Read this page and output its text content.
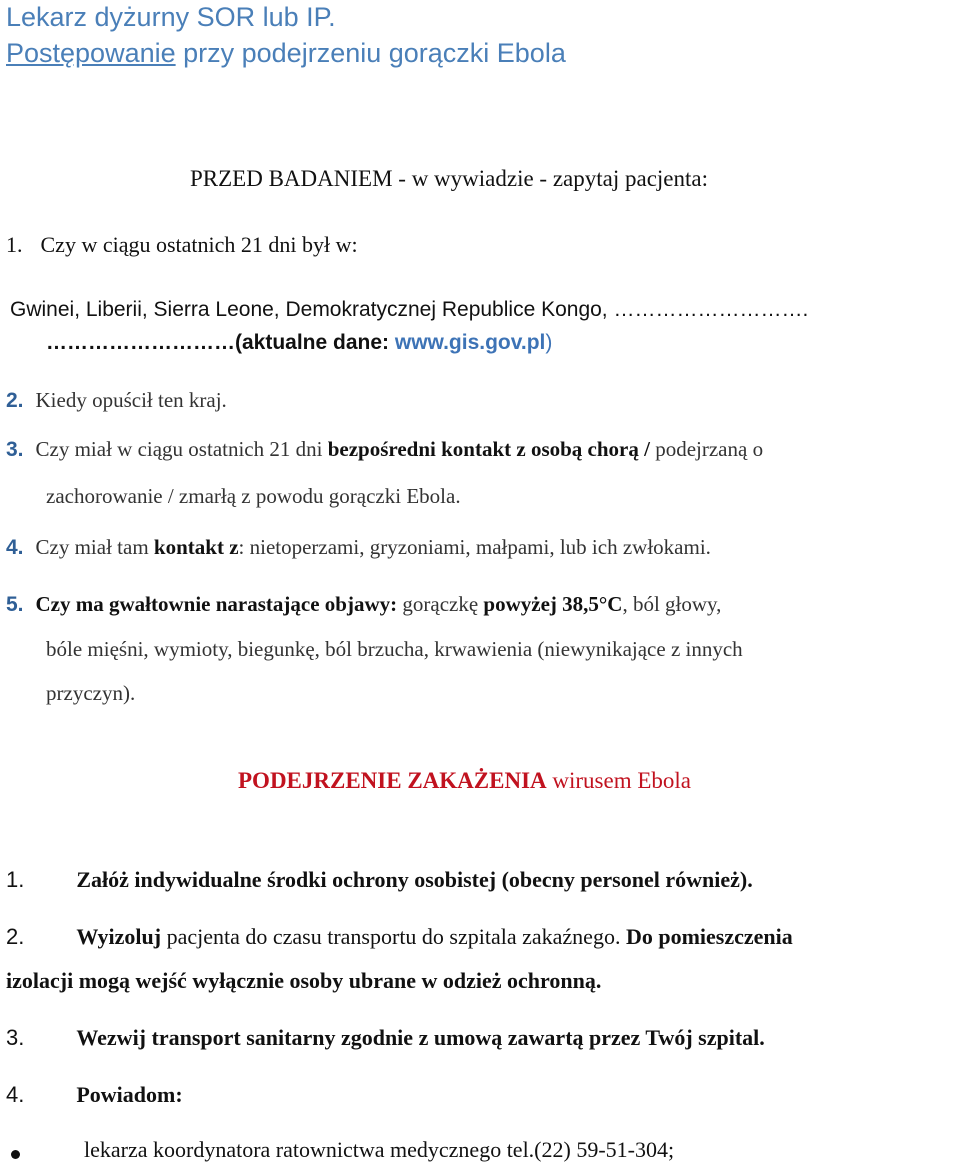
Lekarz dyżurny SOR lub IP.
Postępowanie przy podejrzeniu gorączki Ebola
PRZED BADANIEM - w wywiadzie - zapytaj pacjenta:
1. Czy w ciągu ostatnich 21 dni był w:
Gwinei, Liberii, Sierra Leone, Demokratycznej Republice Kongo, ……………………….
………………………(aktualne dane: www.gis.gov.pl)
2. Kiedy opuścił ten kraj.
3. Czy miał w ciągu ostatnich 21 dni bezpośredni kontakt z osobą chorą / podejrzaną o
zachorowanie / zmarłą z powodu gorączki Ebola.
4. Czy miał tam kontakt z: nietoperzami, gryzoniami, małpami, lub ich zwłokami.
5. Czy ma gwałtownie narastające objawy: gorączkę powyżej 38,5°C, ból głowy,
bóle mięśni, wymioty, biegunkę, ból brzucha, krwawienia (niewynikające z innych
przyczyn).
PODEJRZENIE ZAKAŻENIA wirusem Ebola
1. Załóż indywidualne środki ochrony osobistej (obecny personel również).
2. Wyizoluj pacjenta do czasu transportu do szpitala zakaźnego. Do pomieszczenia
izolacji mogą wejść wyłącznie osoby ubrane w odzież ochronną.
3. Wezwij transport sanitarny zgodnie z umową zawartą przez Twój szpital.
4. Powiadom:
lekarza koordynatora ratownictwa medycznego tel.(22) 59-51-304;
